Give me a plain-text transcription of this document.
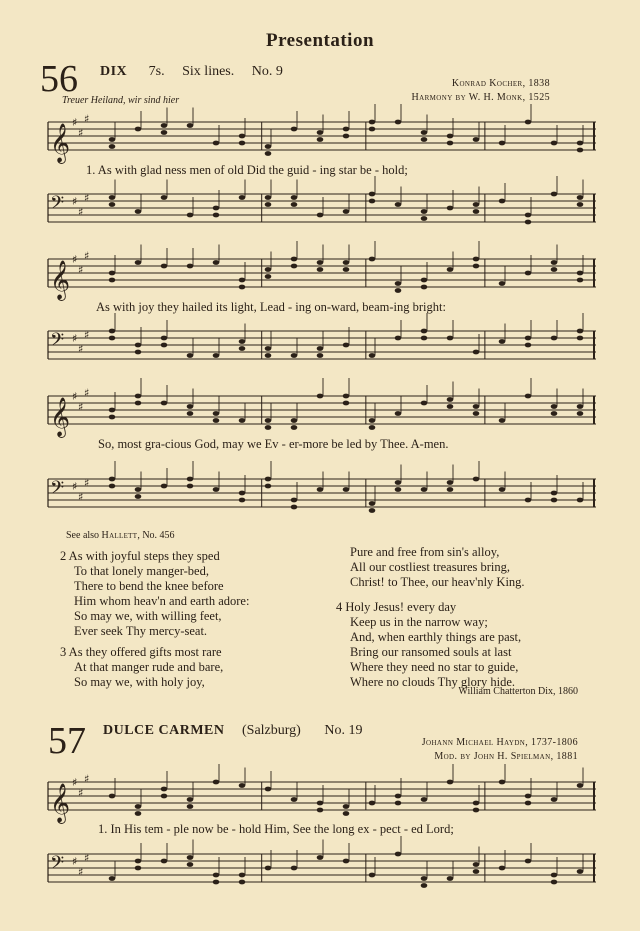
Presentation
56 DIX 7s. Six lines. No. 9
Konrad Kocher, 1838
Harmony by W. H. Monk, 1525
Treuer Heiland, wir sind hier
𝄞
♯
♯
♯
1. As with glad ness men of old Did the guid - ing star be - hold;
𝄢 ♯
♯
♯
𝄞
♯
♯
♯
As with joy they hailed its light, Lead - ing on-ward, beam-ing bright:
𝄢 ♯
♯
♯
𝄞
♯
♯
♯
So, most gra-cious God, may we Ev - er-more be led by Thee. A-men.
𝄢 ♯
♯
♯
See also Hallett, No. 456
2 As with joyful steps they sped
To that lonely manger-bed,
There to bend the knee before
Him whom heav'n and earth adore:
So may we, with willing feet,
Ever seek Thy mercy-seat.
3 As they offered gifts most rare
At that manger rude and bare,
So may we, with holy joy,
Pure and free from sin's alloy,
All our costliest treasures bring,
Christ! to Thee, our heav'nly King.
4 Holy Jesus! every day
Keep us in the narrow way;
And, when earthly things are past,
Bring our ransomed souls at last
Where they need no star to guide,
Where no clouds Thy glory hide.
William Chatterton Dix, 1860
57 DULCE CARMEN (Salzburg) No. 19
Johann Michael Haydn, 1737-1806
Mod. by John H. Spielman, 1881
𝄞
♯
♯
♯
1. In His tem - ple now be - hold Him, See the long ex - pect - ed Lord;
𝄢 ♯
♯
♯
